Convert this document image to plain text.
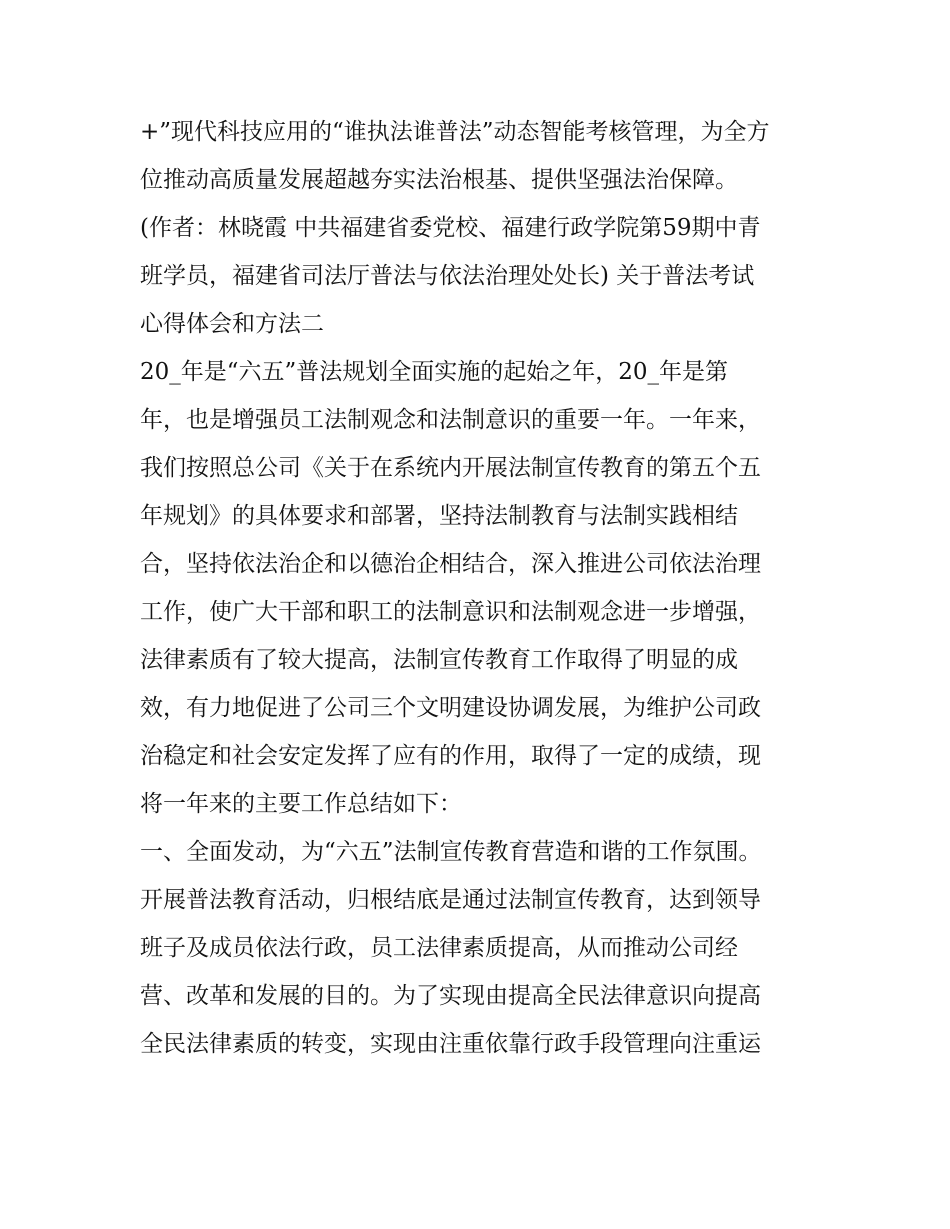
+”现代科技应用的“谁执法谁普法”动态智能考核管理，为全方
位推动高质量发展超越夯实法治根基、提供坚强法治保障。
(作者：林晓霞 中共福建省委党校、福建行政学院第59期中青
班学员，福建省司法厅普法与依法治理处处长) 关于普法考试
心得体会和方法二
20_年是“六五”普法规划全面实施的起始之年，20_年是第
年，也是增强员工法制观念和法制意识的重要一年。一年来，
我们按照总公司《关于在系统内开展法制宣传教育的第五个五
年规划》的具体要求和部署，坚持法制教育与法制实践相结
合，坚持依法治企和以德治企相结合，深入推进公司依法治理
工作，使广大干部和职工的法制意识和法制观念进一步增强，
法律素质有了较大提高，法制宣传教育工作取得了明显的成
效，有力地促进了公司三个文明建设协调发展，为维护公司政
治稳定和社会安定发挥了应有的作用，取得了一定的成绩，现
将一年来的主要工作总结如下：
一、全面发动，为“六五”法制宣传教育营造和谐的工作氛围。
开展普法教育活动，归根结底是通过法制宣传教育，达到领导
班子及成员依法行政，员工法律素质提高，从而推动公司经
营、改革和发展的目的。为了实现由提高全民法律意识向提高
全民法律素质的转变，实现由注重依靠行政手段管理向注重运
